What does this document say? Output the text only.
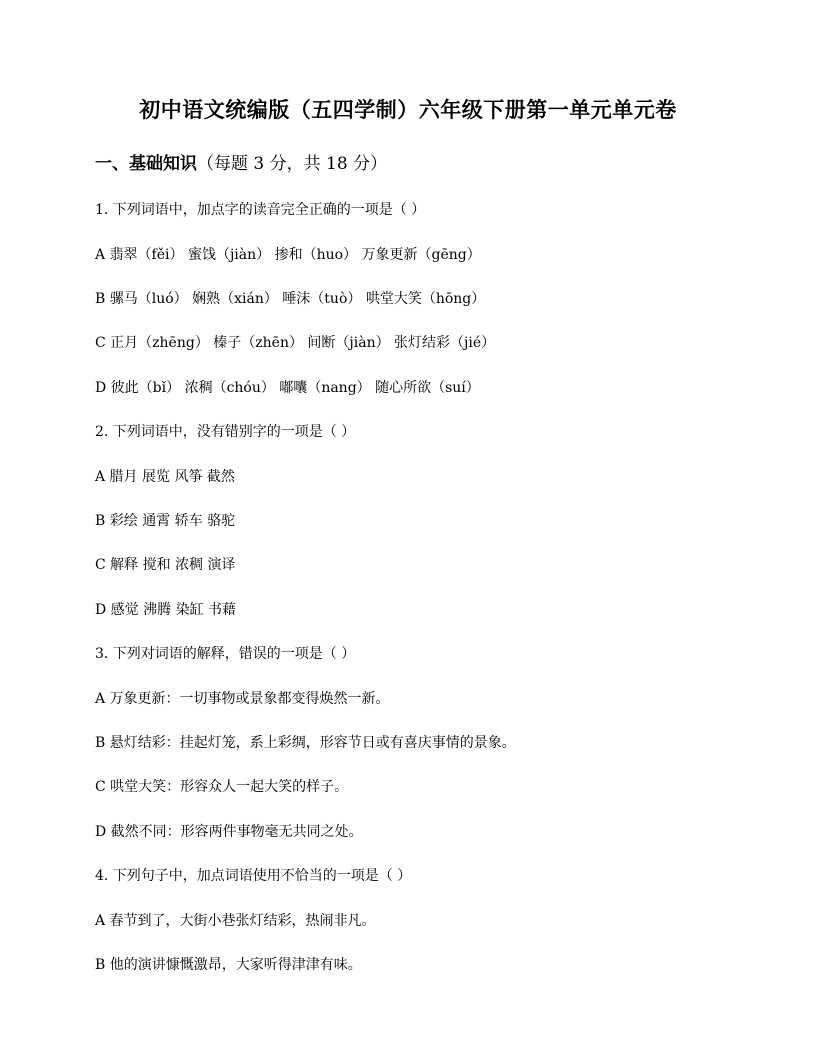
初中语文统编版（五四学制）六年级下册第一单元单元卷
一、基础知识（每题 3 分，共 18 分）
1. 下列词语中，加点字的读音完全正确的一项是（ ）
A 翡翠（fěi） 蜜饯（jiàn） 掺和（huo） 万象更新（gēng）
B 骡马（luó） 娴熟（xián） 唾沫（tuò） 哄堂大笑（hōng）
C 正月（zhēng） 榛子（zhēn） 间断（jiàn） 张灯结彩（jié）
D 彼此（bǐ） 浓稠（chóu） 嘟囔（nang） 随心所欲（suí）
2. 下列词语中，没有错别字的一项是（ ）
A 腊月 展览 风筝 截然
B 彩绘 通霄 轿车 骆驼
C 解释 搅和 浓稠 演译
D 感觉 沸腾 染缸 书藉
3. 下列对词语的解释，错误的一项是（ ）
A 万象更新：一切事物或景象都变得焕然一新。
B 悬灯结彩：挂起灯笼，系上彩绸，形容节日或有喜庆事情的景象。
C 哄堂大笑：形容众人一起大笑的样子。
D 截然不同：形容两件事物毫无共同之处。
4. 下列句子中，加点词语使用不恰当的一项是（ ）
A 春节到了，大街小巷张灯结彩，热闹非凡。
B 他的演讲慷慨激昂，大家听得津津有味。
